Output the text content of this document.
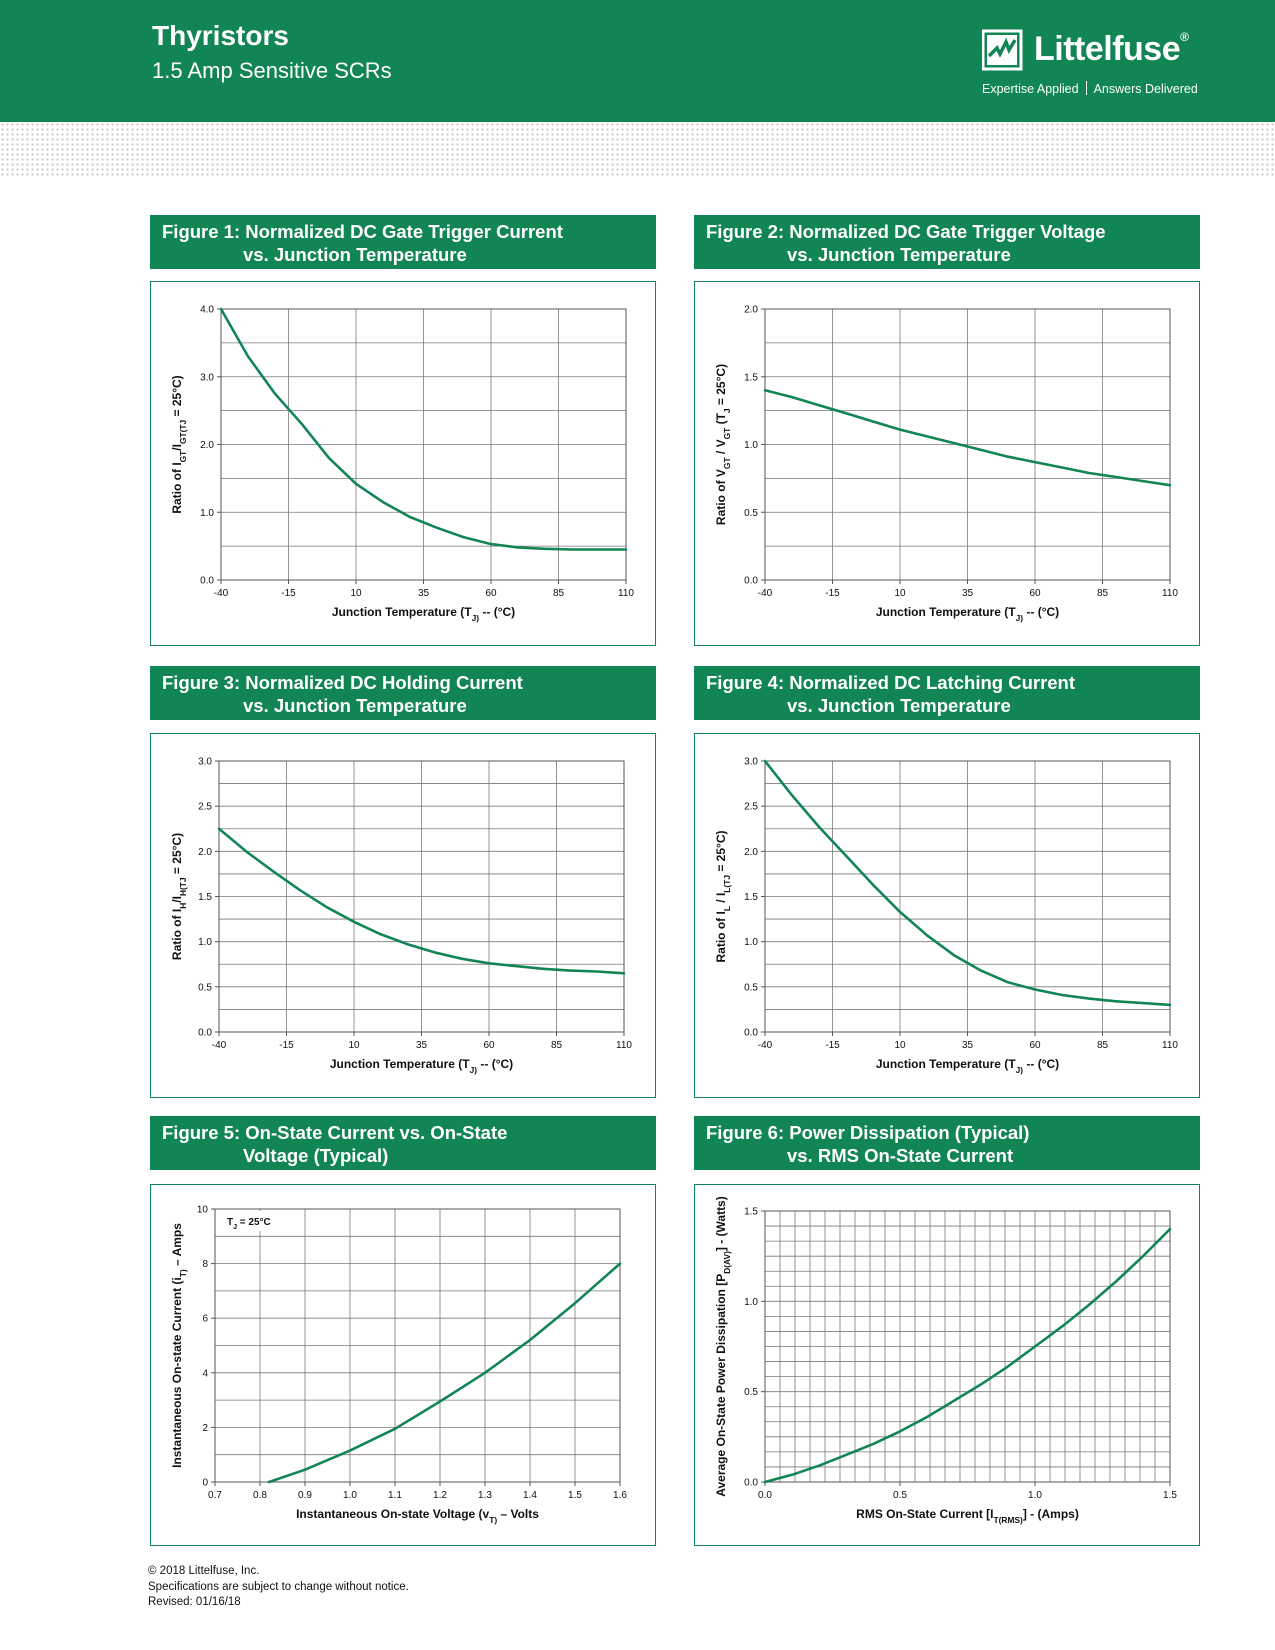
Thyristors
1.5 Amp Sensitive SCRs
Littelfuse®
Expertise Applied Answers Delivered
Figure 1: Normalized DC Gate Trigger Current
vs. Junction Temperature
Figure 2: Normalized DC Gate Trigger Voltage
vs. Junction Temperature
Figure 3: Normalized DC Holding Current
vs. Junction Temperature
Figure 4: Normalized DC Latching Current
vs. Junction Temperature
Figure 5: On-State Current vs. On-State
Voltage (Typical)
Figure 6: Power Dissipation (Typical)
vs. RMS On-State Current
-40	-15	10	35	60	85	110
0.0
1.0
2.0
3.0
4.0
Junction Temperature ($T_{J)} -- (^\circ C)$
Ratio of $I_{GT}/I_{GT(TJ} = 25^\circ C$)
-40	-15	10	35	60	85	110
0.0
0.5
1.0
1.5
2.0
Junction Temperature ($T_{J)} -- (^\circ C)$
Ratio of $V_{GT} / V_{GT}$ $(T_J = 25^\circ C)$
-40	-15	10	35	60	85	110
0.0
0.5
1.0
1.5
2.0
2.5
3.0
Junction Temperature ($T_{J)} -- (^\circ C)$
Ratio of $I_H/I_{H(TJ} = 25^\circ C$)
-40	-15	10	35	60	85	110
0.0
0.5
1.0
1.5
2.0
2.5
3.0
Junction Temperature ($T_{J)} -- (^\circ C)$
Ratio of $I_L / I_{L(TJ} = 25^\circ C$)
0.7	0.8	0.9	1.0	1.1	1.2	1.3	1.4	1.5	1.6
0
2
4
6
8
10
Instantaneous On-state Voltage ($v_{T)}$ – Volts
Instantaneous On-state Current ($i_{T)}$ – Amps
$T_J = 25^\circ C$
0.0	0.5	1.0	1.5
0.0
0.5
1.0
1.5
RMS On-State Current $[I_{T(RMS)}]$ - (Amps)
Average On-State Power Dissipation $[P_{D(AV)}]$ - (Watts)
© 2018 Littelfuse, Inc.
Specifications are subject to change without notice.
Revised: 01/16/18
